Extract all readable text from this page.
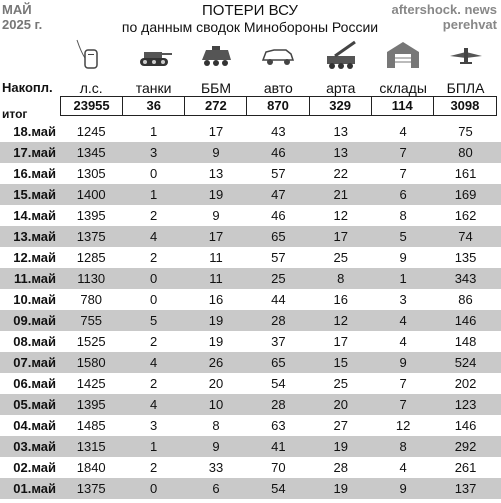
МАЙ
2025 г.
ПОТЕРИ ВСУ
по данным сводок Минобороны России
aftershock. news
perehvat
Накопл.	л.с.	танки	ББМ	авто	арта	склады	БПЛА
итог
23955	36	272	870	329	114	3098
18.май	1245	1	17	43	13	4	75
17.май	1345	3	9	46	13	7	80
16.май	1305	0	13	57	22	7	161
15.май	1400	1	19	47	21	6	169
14.май	1395	2	9	46	12	8	162
13.май	1375	4	17	65	17	5	74
12.май	1285	2	11	57	25	9	135
11.май	1130	0	11	25	8	1	343
10.май	780	0	16	44	16	3	86
09.май	755	5	19	28	12	4	146
08.май	1525	2	19	37	17	4	148
07.май	1580	4	26	65	15	9	524
06.май	1425	2	20	54	25	7	202
05.май	1395	4	10	28	20	7	123
04.май	1485	3	8	63	27	12	146
03.май	1315	1	9	41	19	8	292
02.май	1840	2	33	70	28	4	261
01.май	1375	0	6	54	19	9	137
